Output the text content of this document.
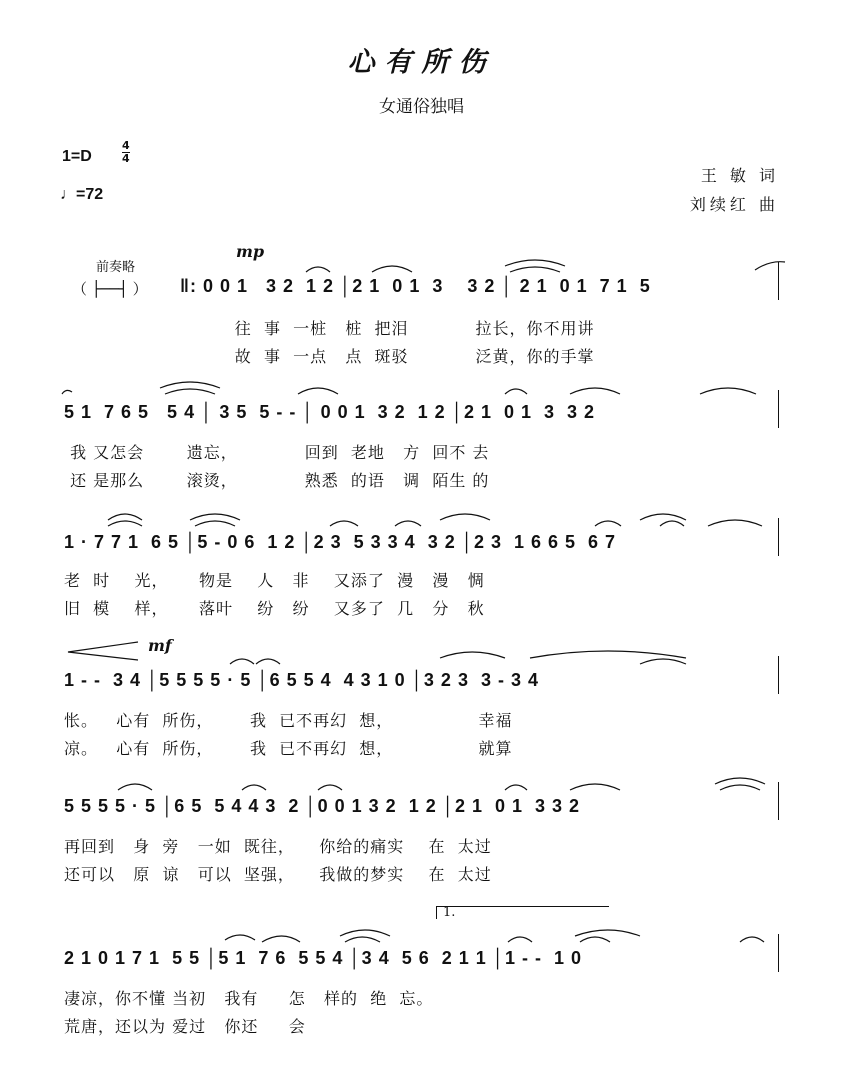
心有所伤
女通俗独唱
1=D
4
4
♩=72
王 敏 词
刘续红 曲
前奏略
（ ├──┤ ）
mp
mf
‖: 0 0 1   3 2  1 2 │2 1  0 1  3    3 2 │ 2 1  0 1  7 1  5
往  事  一桩   桩  把泪           拉长，你不用讲
故  事  一点   点  斑驳           泛黄，你的手掌
5 1  7 6 5   5 4 │ 3 5  5 - - │ 0 0 1  3 2  1 2 │2 1  0 1  3  3 2
我 又怎会       遗忘，           回到  老地   方  回不 去
还 是那么       滚烫，           熟悉  的语   调  陌生 的
1 · 7 7 1  6 5 │5 - 0 6  1 2 │2 3  5 3 3 4  3 2 │2 3  1 6 6 5  6 7
老  时    光，     物是    人   非    又添了  漫   漫   惆
旧  模    样，     落叶    纷   纷    又多了  几   分   秋
1 - -  3 4 │5 5 5 5 · 5 │6 5 5 4  4 3 1 0 │3 2 3  3 - 3 4
怅。   心有  所伤，      我  已不再幻  想，              幸福
凉。   心有  所伤，      我  已不再幻  想，              就算
5 5 5 5 · 5 │6 5  5 4 4 3  2 │0 0 1 3 2  1 2 │2 1  0 1  3 3 2
再回到   身  旁   一如  既往，    你给的痛实    在  太过
还可以   原  谅   可以  坚强，    我做的梦实    在  太过
1.
2 1 0 1 7 1  5 5 │5 1  7 6  5 5 4 │3 4  5 6  2 1 1 │1 - -  1 0
凄凉，你不懂 当初   我有     怎   样的  绝  忘。
荒唐，还以为 爱过   你还     会
